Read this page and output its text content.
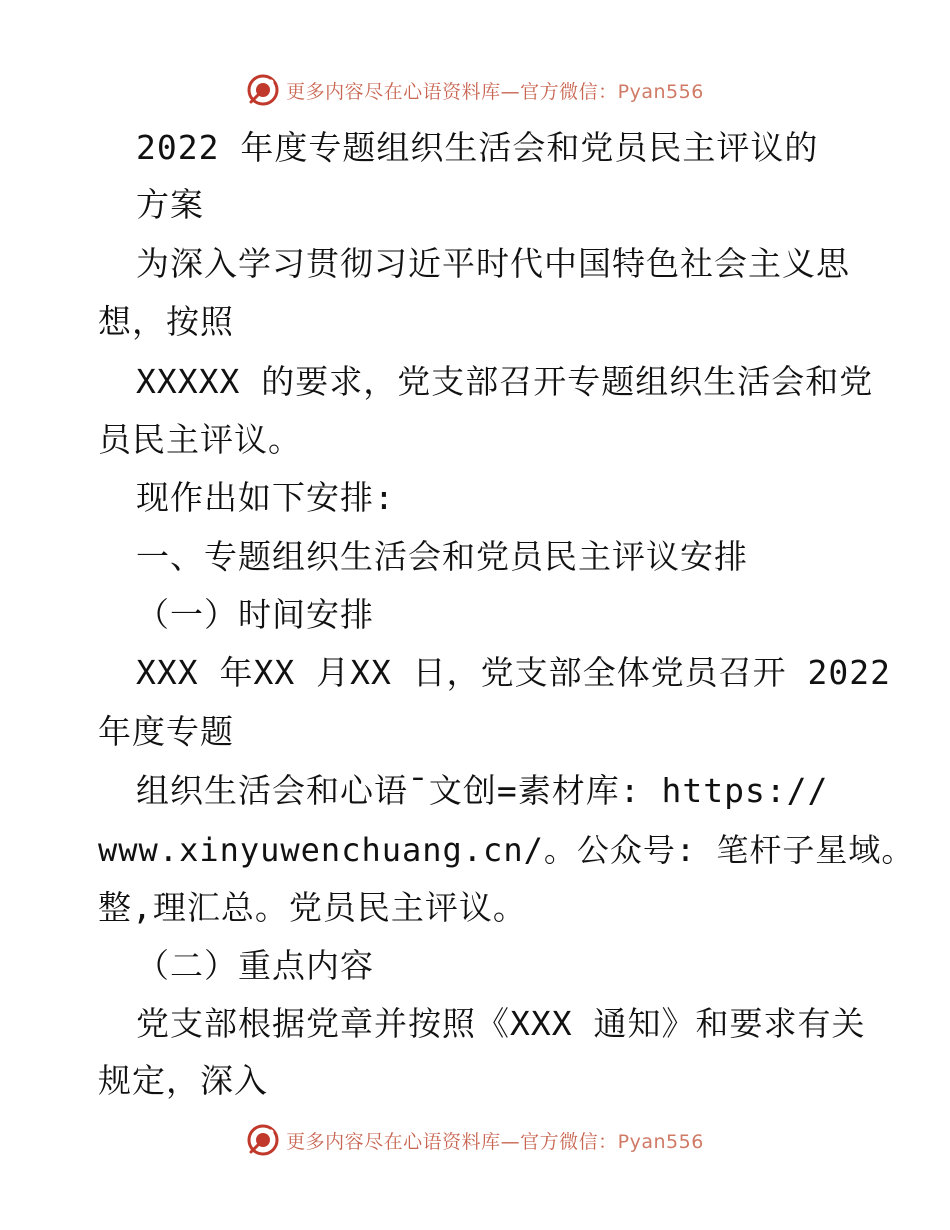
更多内容尽在心语资料库—官方微信：Pyan556
2022 年度专题组织生活会和党员民主评议的
方案
为深入学习贯彻习近平时代中国特色社会主义思
想，按照
XXXXX 的要求，党支部召开专题组织生活会和党
员民主评议。
现作出如下安排:
一、专题组织生活会和党员民主评议安排
（一）时间安排
XXX 年XX 月XX 日，党支部全体党员召开 2022
年度专题
组织生活会和心语¯文创=素材库: https://
www.xinyuwenchuang.cn/。公众号: 笔杆子星域。
整,理汇总。党员民主评议。
（二）重点内容
党支部根据党章并按照《XXX 通知》和要求有关
规定，深入
更多内容尽在心语资料库—官方微信：Pyan556
